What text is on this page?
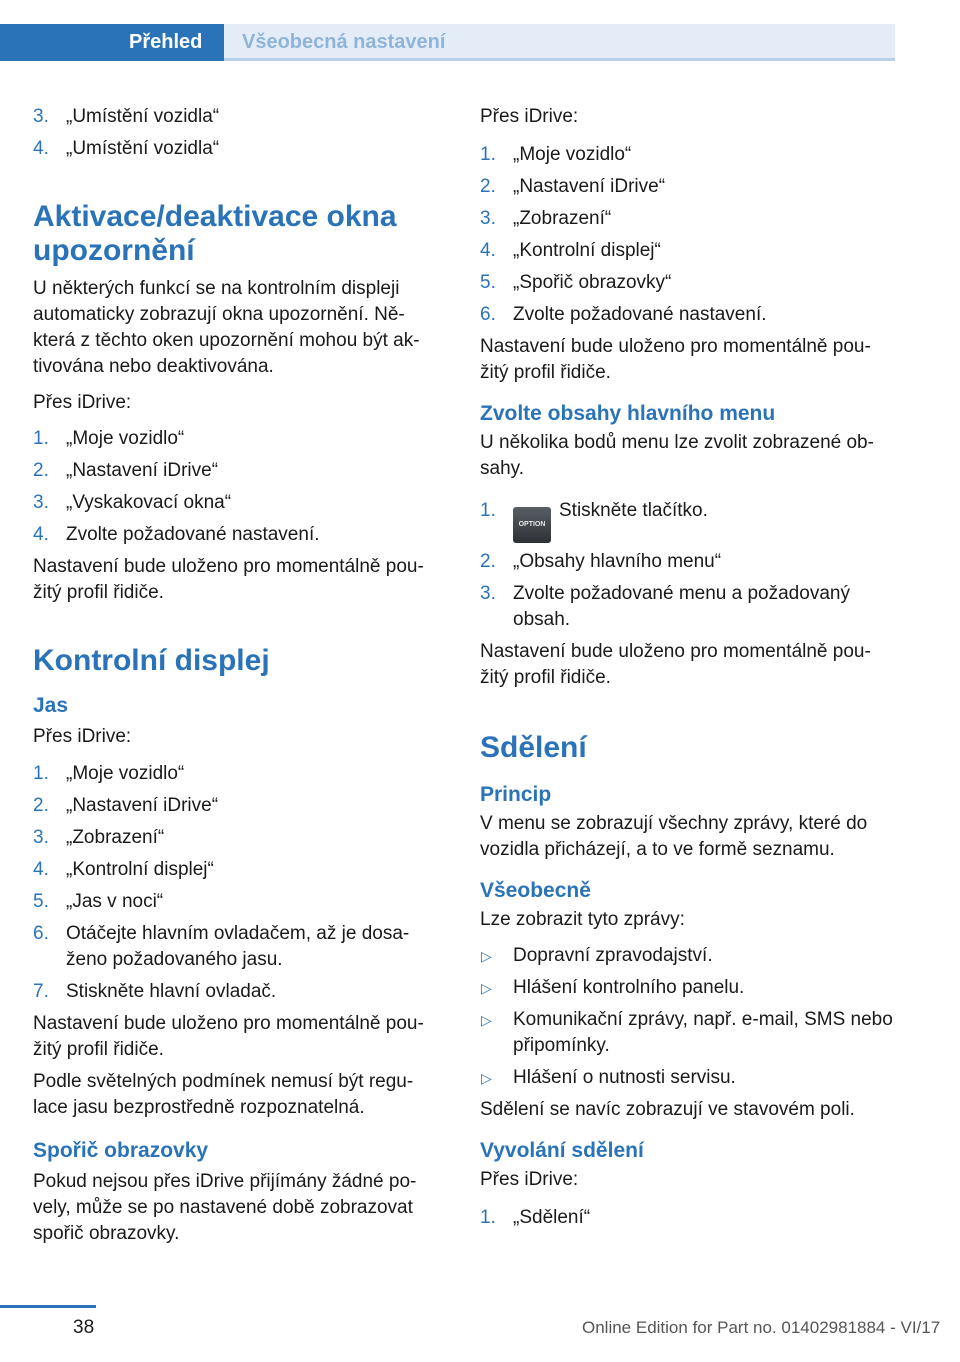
Přehled	Všeobecná nastavení
3. „Umístění vozidla“
4. „Umístění vozidla“
Aktivace/deaktivace okna upozornění

U některých funkcí se na kontrolním displeji automaticky zobrazují okna upozornění. Ně-která z těchto oken upozornění mohou být ak-tivována nebo deaktivována.

Přes iDrive:

1. „Moje vozidlo“
2. „Nastavení iDrive“
3. „Vyskakovací okna“
4. Zvolte požadované nastavení.

Nastavení bude uloženo pro momentálně pou-žitý profil řidiče.

Kontrolní displej
Jas

Přes iDrive:

1. „Moje vozidlo“
2. „Nastavení iDrive“
3. „Zobrazení“
4. „Kontrolní displej“
5. „Jas v noci“
6. Otáčejte hlavním ovladačem, až je dosa-ženo požadovaného jasu.
7. Stiskněte hlavní ovladač.

Nastavení bude uloženo pro momentálně pou-žitý profil řidiče.

Podle světelných podmínek nemusí být regu-lace jasu bezprostředně rozpoznatelná.

Spořič obrazovky

Pokud nejsou přes iDrive přijímány žádné po-vely, může se po nastavené době zobrazovat spořič obrazovky.

Přes iDrive:

1. „Moje vozidlo“
2. „Nastavení iDrive“
3. „Zobrazení“
4. „Kontrolní displej“
5. „Spořič obrazovky“
6. Zvolte požadované nastavení.

Nastavení bude uloženo pro momentálně pou-žitý profil řidiče.

Zvolte obsahy hlavního menu

U několika bodů menu lze zvolit zobrazené ob-sahy.

1.
OPTIONStiskněte tlačítko.
2. „Obsahy hlavního menu“
3. Zvolte požadované menu a požadovaný obsah.

Nastavení bude uloženo pro momentálně pou-žitý profil řidiče.

Sdělení
Princip

V menu se zobrazují všechny zprávy, které do vozidla přicházejí, a to ve formě seznamu.

Všeobecně

Lze zobrazit tyto zprávy:

▷ Dopravní zpravodajství.
▷ Hlášení kontrolního panelu.
▷ Komunikační zprávy, např. e-mail, SMS nebo připomínky.
▷ Hlášení o nutnosti servisu.

Sdělení se navíc zobrazují ve stavovém poli.

Vyvolání sdělení

Přes iDrive:

1. „Sdělení“
38	Online Edition for Part no. 01402981884 - VI/17
